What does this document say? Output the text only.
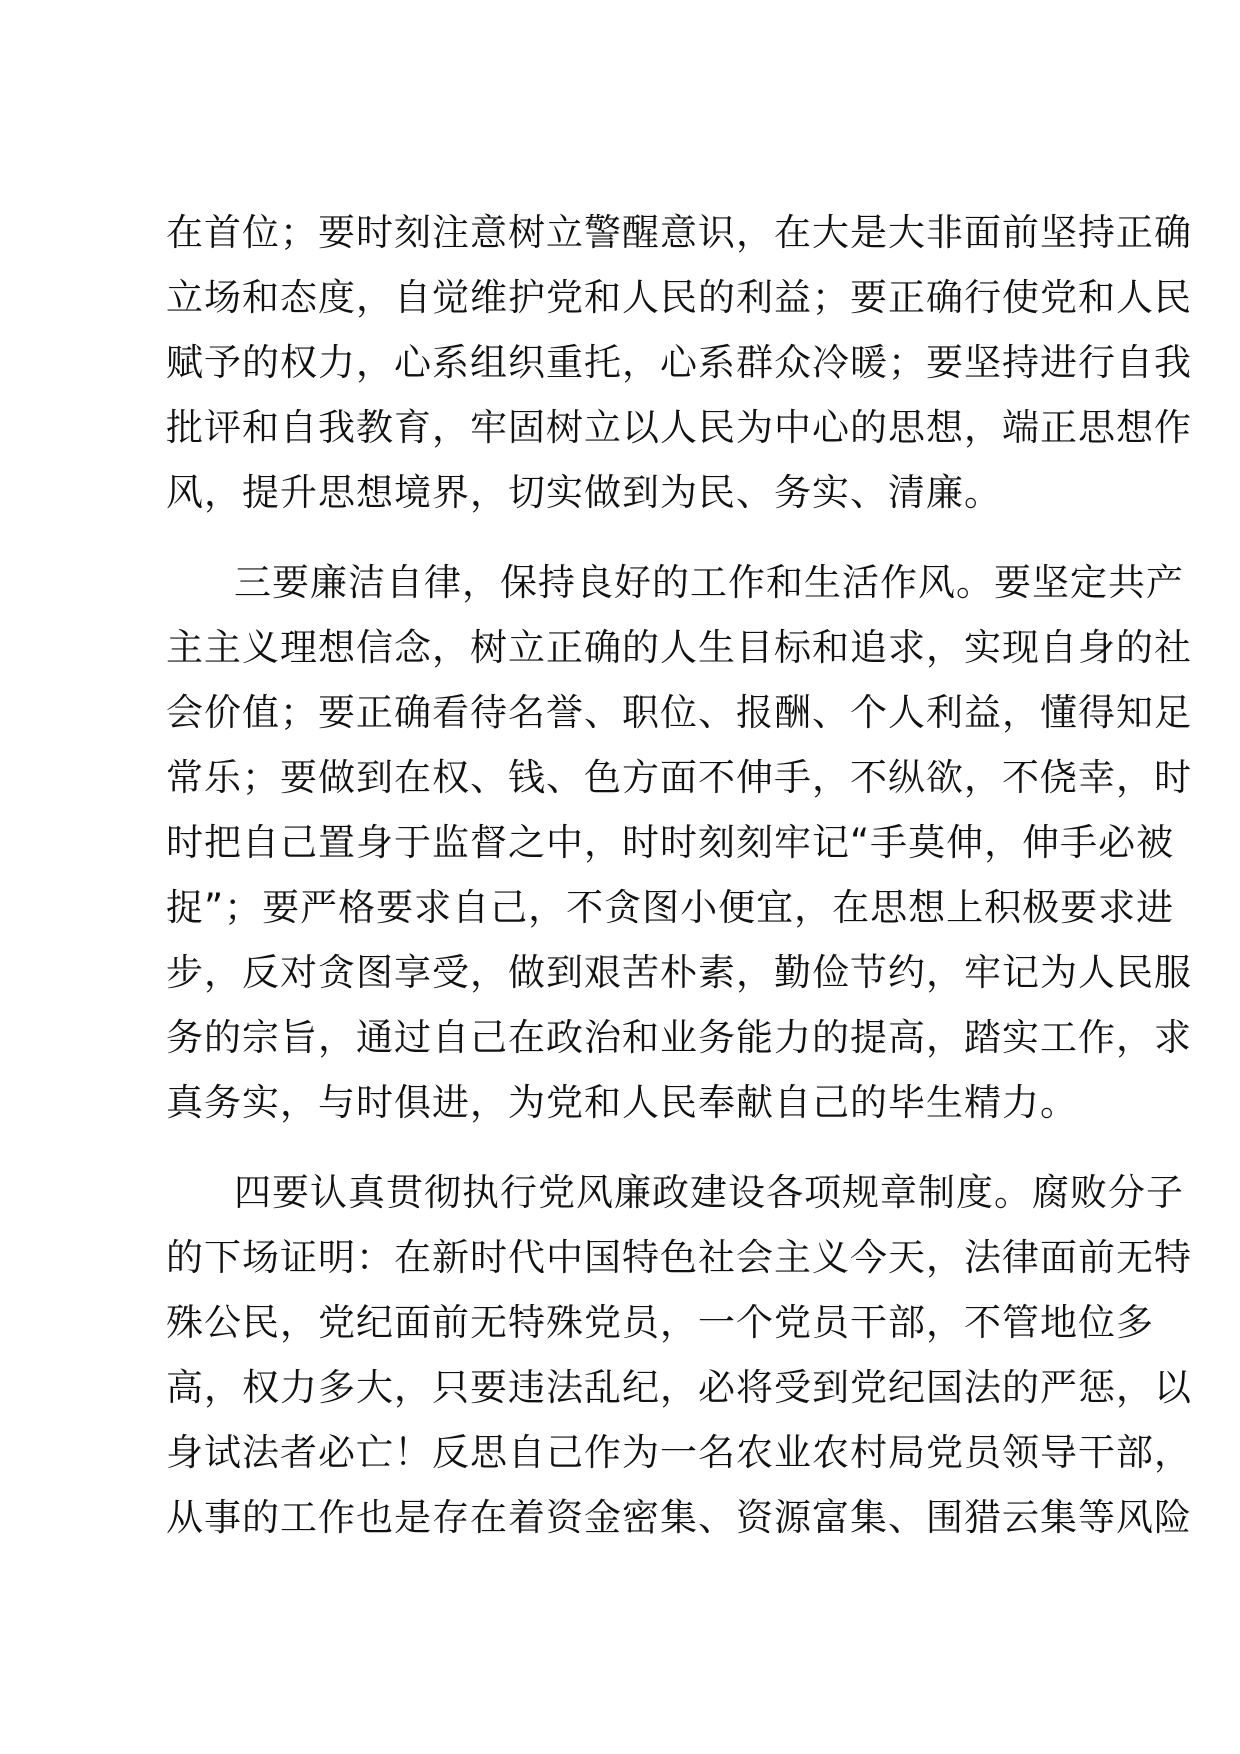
在首位；要时刻注意树立警醒意识，在大是大非面前坚持正确
立场和态度，自觉维护党和人民的利益；要正确行使党和人民
赋予的权力，心系组织重托，心系群众冷暖；要坚持进行自我
批评和自我教育，牢固树立以人民为中心的思想，端正思想作
风，提升思想境界，切实做到为民、务实、清廉。
三要廉洁自律，保持良好的工作和生活作风。要坚定共产
主主义理想信念，树立正确的人生目标和追求，实现自身的社
会价值；要正确看待名誉、职位、报酬、个人利益，懂得知足
常乐；要做到在权、钱、色方面不伸手，不纵欲，不侥幸，时
时把自己置身于监督之中，时时刻刻牢记“手莫伸，伸手必被
捉”；要严格要求自己，不贪图小便宜，在思想上积极要求进
步，反对贪图享受，做到艰苦朴素，勤俭节约，牢记为人民服
务的宗旨，通过自己在政治和业务能力的提高，踏实工作，求
真务实，与时俱进，为党和人民奉献自己的毕生精力。
四要认真贯彻执行党风廉政建设各项规章制度。腐败分子
的下场证明：在新时代中国特色社会主义今天，法律面前无特
殊公民，党纪面前无特殊党员，一个党员干部，不管地位多
高，权力多大，只要违法乱纪，必将受到党纪国法的严惩，以
身试法者必亡！反思自己作为一名农业农村局党员领导干部，
从事的工作也是存在着资金密集、资源富集、围猎云集等风险
